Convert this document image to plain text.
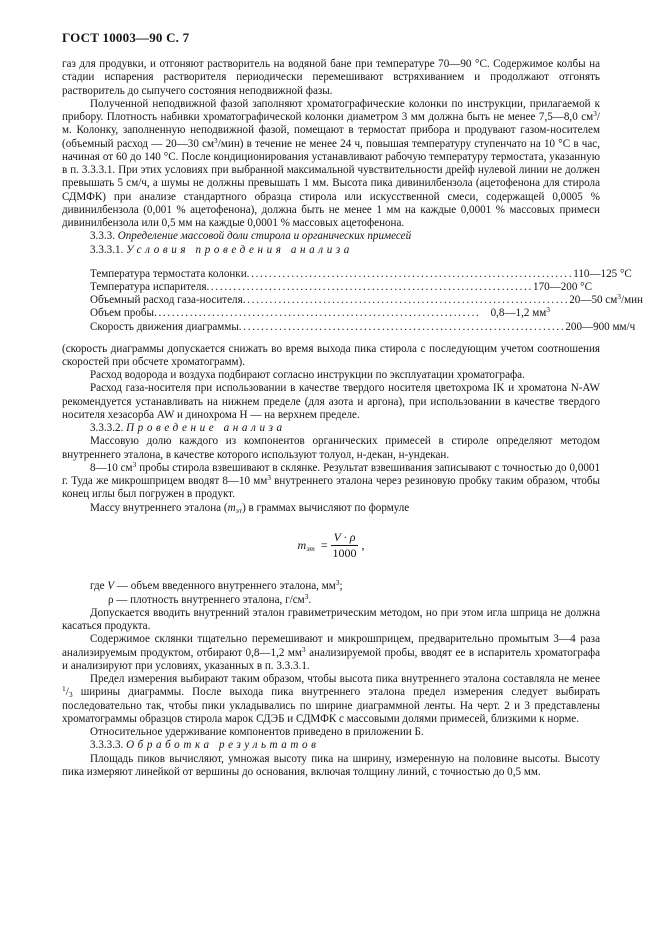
ГОСТ 10003—90 С. 7

газ для продувки, и отгоняют растворитель на водяной бане при температуре 70—90 °С. Содержимое колбы на стадии испарения растворителя периодически перемешивают встряхиванием и продолжают отгонять растворитель до сыпучего состояния неподвижной фазы.

Полученной неподвижной фазой заполняют хроматографические колонки по инструкции, прилагаемой к прибору. Плотность набивки хроматографической колонки диаметром 3 мм должна быть не менее 7,5—8,0 $см^3/м$. Колонку, заполненную неподвижной фазой, помещают в термостат прибора и продувают газом-носителем (объемный расход — 20—30 $см^3/мин$) в течение не менее 24 ч, повышая температуру ступенчато на 10 °С в час, начиная от 60 до 140 °С. После кондиционирования устанавливают рабочую температуру термостата, указанную в п. 3.3.3.1. При этих условиях при выбранной максимальной чувствительности дрейф нулевой линии не должен превышать 5 см/ч, а шумы не должны превышать 1 мм. Высота пика дивинилбензола (ацетофенона для стирола СДМФК) при анализе стандартного образца стирола или искусственной смеси, содержащей 0,0005 % дивинилбензола (0,001 % ацетофенона), должна быть не менее 1 мм на каждые 0,0001 % массовых примеси дивинилбензола или 0,5 мм на каждые 0,0001 % массовых ацетофенона.

3.3.3. Определение массовой доли стирола и органических примесей

3.3.3.1. Условия проведения анализа

Температура термостата колонки ......................................................................... 110—125 °С
Температура испарителя ......................................................................... 170—200 °С
Объемный расход газа-носителя ......................................................................... 20—50 $см^3$/мин
Объем пробы ......................................................................... 0,8—1,2 $мм^3$
Скорость движения диаграммы ......................................................................... 200—900 мм/ч

(скорость диаграммы допускается снижать во время выхода пика стирола с последующим учетом соотношения скоростей при обсчете хроматограмм).

Расход водорода и воздуха подбирают согласно инструкции по эксплуатации хроматографа.

Расход газа-носителя при использовании в качестве твердого носителя цветохрома IK и хроматона N-AW рекомендуется устанавливать на нижнем пределе (для азота и аргона), при использовании в качестве твердого носителя хезасорба AW и динохрома H — на верхнем пределе.

3.3.3.2. Проведение анализа

Массовую долю каждого из компонентов органических примесей в стироле определяют методом внутреннего эталона, в качестве которого используют толуол, н-декан, н-ундекан.

8—10 $см^3$ пробы стирола взвешивают в склянке. Результат взвешивания записывают с точностью до 0,0001 г. Туда же микрошприцем вводят 8—10 $мм^3$ внутреннего эталона через резиновую пробку таким образом, чтобы конец иглы был погружен в продукт.

Массу внутреннего эталона $(m_{эт})$ в граммах вычисляют по формуле

$m_{эт} = \frac{V \cdot \rho}{1000}$ ,

где V — объем введенного внутреннего эталона, $мм^3$;

ρ — плотность внутреннего эталона, $г/см^3$.

Допускается вводить внутренний эталон гравиметрическим методом, но при этом игла шприца не должна касаться продукта.

Содержимое склянки тщательно перемешивают и микрошприцем, предварительно промытым 3—4 раза анализируемым продуктом, отбирают 0,8—1,2 $мм^3$ анализируемой пробы, вводят ее в испаритель хроматографа и анализируют при условиях, указанных в п. 3.3.3.1.

Предел измерения выбирают таким образом, чтобы высота пика внутреннего эталона составляла не менее $^1/_3$ ширины диаграммы. После выхода пика внутреннего эталона предел измерения следует выбирать последовательно так, чтобы пики укладывались по ширине диаграммной ленты. На черт. 2 и 3 представлены хроматограммы образцов стирола марок СДЭБ и СДМФК с массовыми долями примесей, близкими к норме.

Относительное удерживание компонентов приведено в приложении Б.

3.3.3.3. Обработка результатов

Площадь пиков вычисляют, умножая высоту пика на ширину, измеренную на половине высоты. Высоту пика измеряют линейкой от вершины до основания, включая толщину линий, с точностью до 0,5 мм.
